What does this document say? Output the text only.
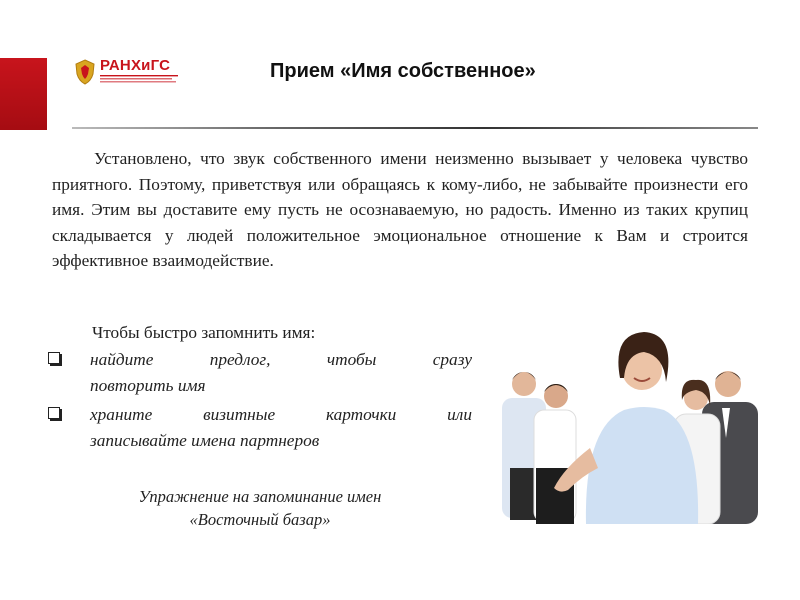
РАНХиГС	Прием «Имя собственное»
Установлено, что звук собственного имени неизменно вызывает у человека чувство приятного. Поэтому, приветствуя или обращаясь к кому-либо, не забывайте произнести его имя. Этим вы доставите ему пусть не осознаваемую, но радость. Именно из таких крупиц складывается у людей положительное эмоциональное отношение к Вам и строится эффективное взаимодействие.
Чтобы быстро запомнить имя:
найдите предлог, чтобы сразу
повторить имя
храните визитные карточки или
записывайте имена партнеров
Упражнение на запоминание имен
«Восточный базар»
